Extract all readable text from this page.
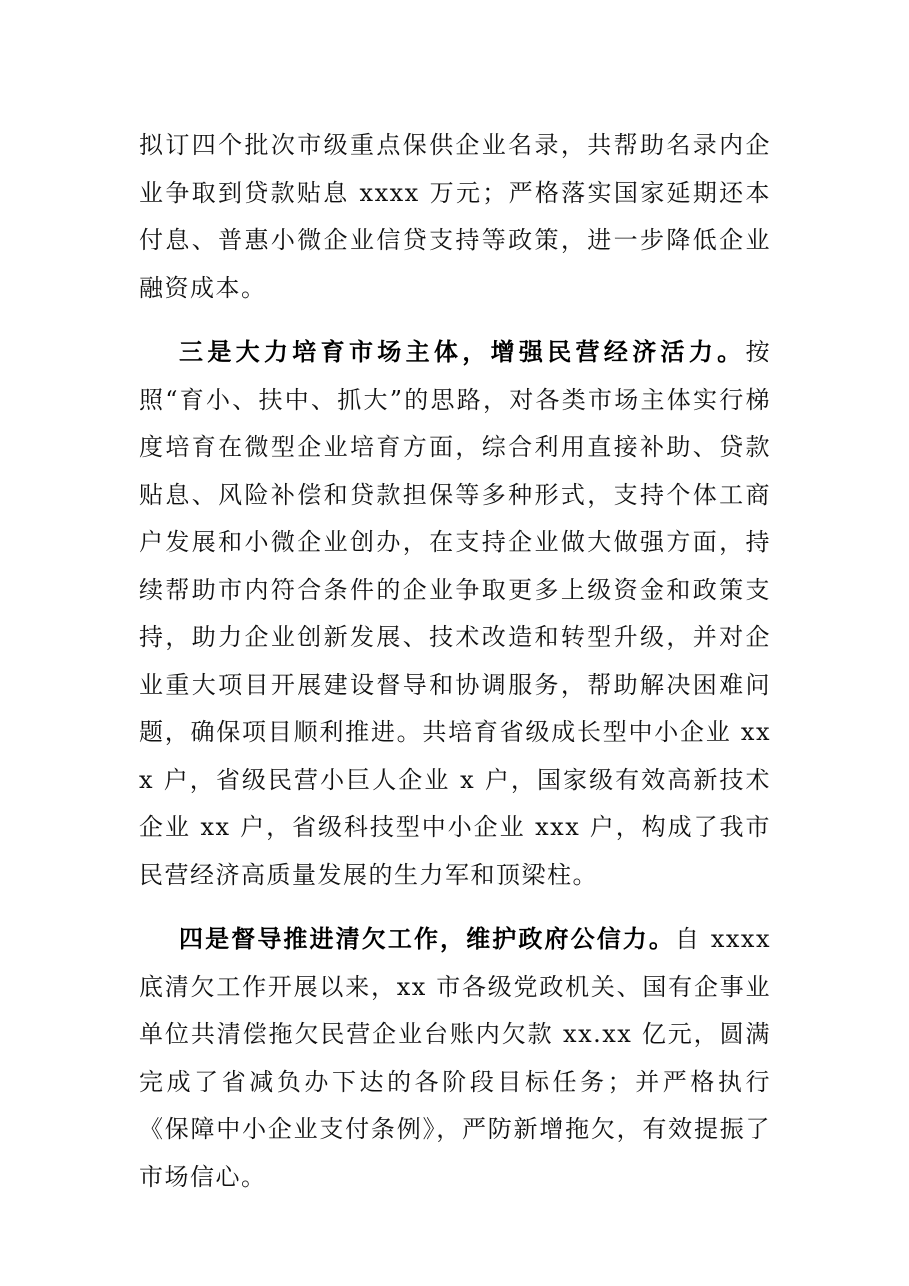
拟订四个批次市级重点保供企业名录，共帮助名录内企业争取到贷款贴息 xxxx 万元；严格落实国家延期还本付息、普惠小微企业信贷支持等政策，进一步降低企业融资成本。

三是大力培育市场主体，增强民营经济活力。按照“育小、扶中、抓大”的思路，对各类市场主体实行梯度培育在微型企业培育方面，综合利用直接补助、贷款贴息、风险补偿和贷款担保等多种形式，支持个体工商户发展和小微企业创办，在支持企业做大做强方面，持续帮助市内符合条件的企业争取更多上级资金和政策支持，助力企业创新发展、技术改造和转型升级，并对企业重大项目开展建设督导和协调服务，帮助解决困难问题，确保项目顺利推进。共培育省级成长型中小企业 xxx 户，省级民营小巨人企业 x 户，国家级有效高新技术企业 xx 户，省级科技型中小企业 xxx 户，构成了我市民营经济高质量发展的生力军和顶梁柱。

四是督导推进清欠工作，维护政府公信力。自 xxxx 底清欠工作开展以来，xx 市各级党政机关、国有企事业单位共清偿拖欠民营企业台账内欠款 xx.xx 亿元，圆满完成了省减负办下达的各阶段目标任务；并严格执行《保障中小企业支付条例》，严防新增拖欠，有效提振了市场信心。
